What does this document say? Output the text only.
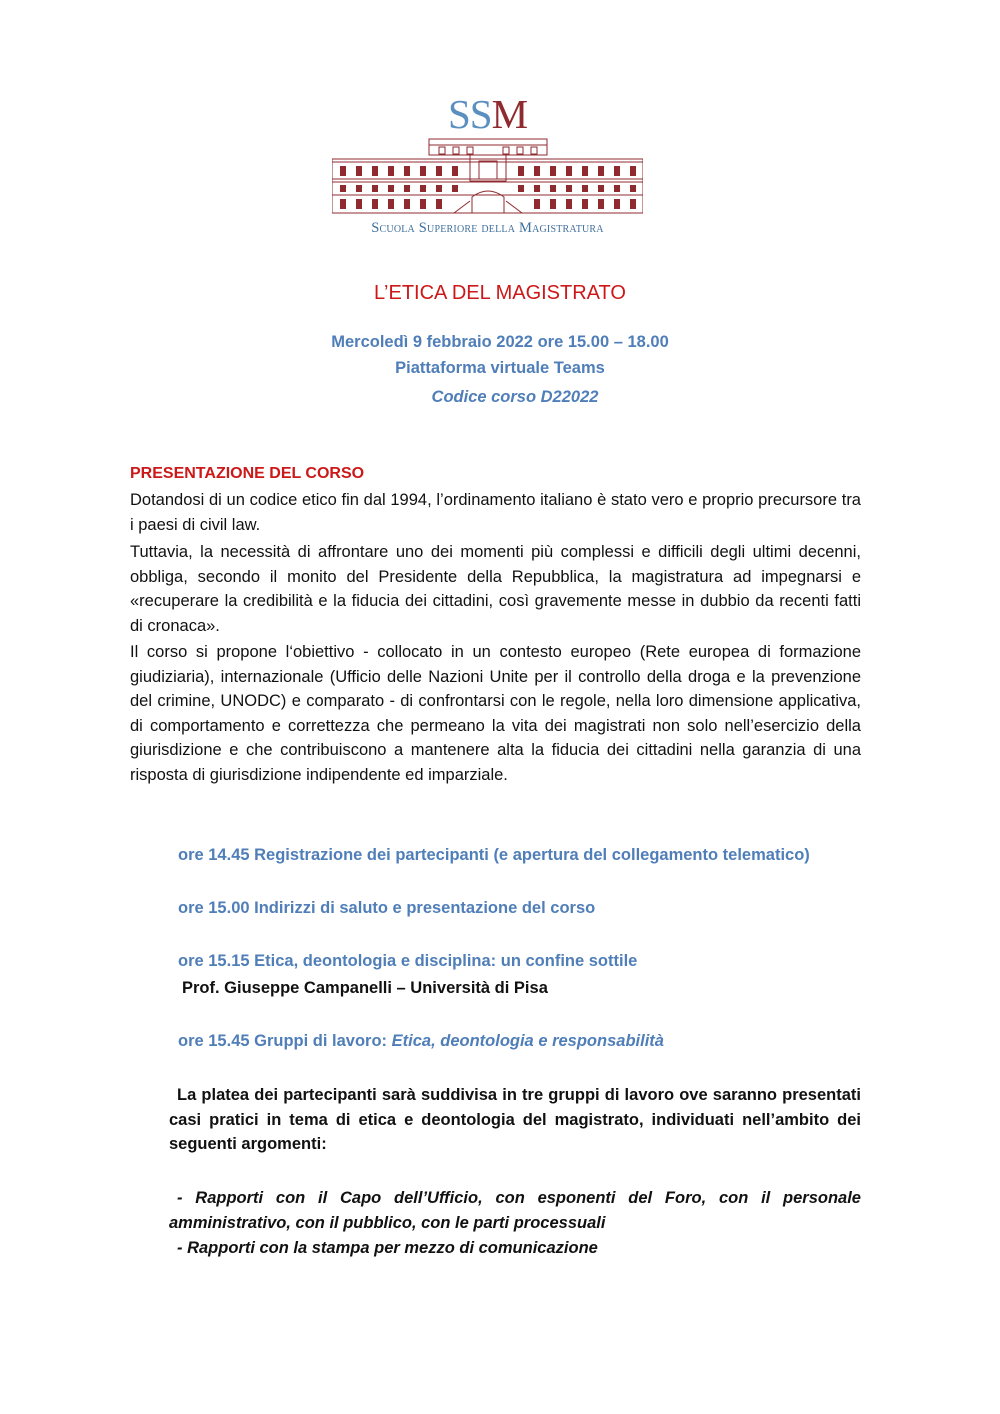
SSM
Scuola Superiore della Magistratura
L’ETICA DEL MAGISTRATO
Mercoledì 9 febbraio 2022 ore 15.00 – 18.00
Piattaforma virtuale Teams
Codice corso D22022
PRESENTAZIONE DEL CORSO

Dotandosi di un codice etico fin dal 1994, l’ordinamento italiano è stato vero e proprio precursore tra i paesi di civil law.

Tuttavia, la necessità di affrontare uno dei momenti più complessi e difficili degli ultimi decenni, obbliga, secondo il monito del Presidente della Repubblica, la magistratura ad impegnarsi e «recuperare la credibilità e la fiducia dei cittadini, così gravemente messe in dubbio da recenti fatti di cronaca».

Il corso si propone l‘obiettivo - collocato in un contesto europeo (Rete europea di formazione giudiziaria), internazionale (Ufficio delle Nazioni Unite per il controllo della droga e la prevenzione del crimine, UNODC) e comparato - di confrontarsi con le regole, nella loro dimensione applicativa, di comportamento e correttezza che permeano la vita dei magistrati non solo nell’esercizio della giurisdizione e che contribuiscono a mantenere alta la fiducia dei cittadini nella garanzia di una risposta di giurisdizione indipendente ed imparziale.

ore 14.45 Registrazione dei partecipanti (e apertura del collegamento telematico)
ore 15.00 Indirizzi di saluto e presentazione del corso
ore 15.15 Etica, deontologia e disciplina: un confine sottile
Prof. Giuseppe Campanelli – Università di Pisa
ore 15.45 Gruppi di lavoro: Etica, deontologia e responsabilità

La platea dei partecipanti sarà suddivisa in tre gruppi di lavoro ove saranno presentati casi pratici in tema di etica e deontologia del magistrato, individuati nell’ambito dei seguenti argomenti:

- Rapporti con il Capo dell’Ufficio, con esponenti del Foro, con il personale amministrativo, con il pubblico, con le parti processuali

- Rapporti con la stampa per mezzo di comunicazione
